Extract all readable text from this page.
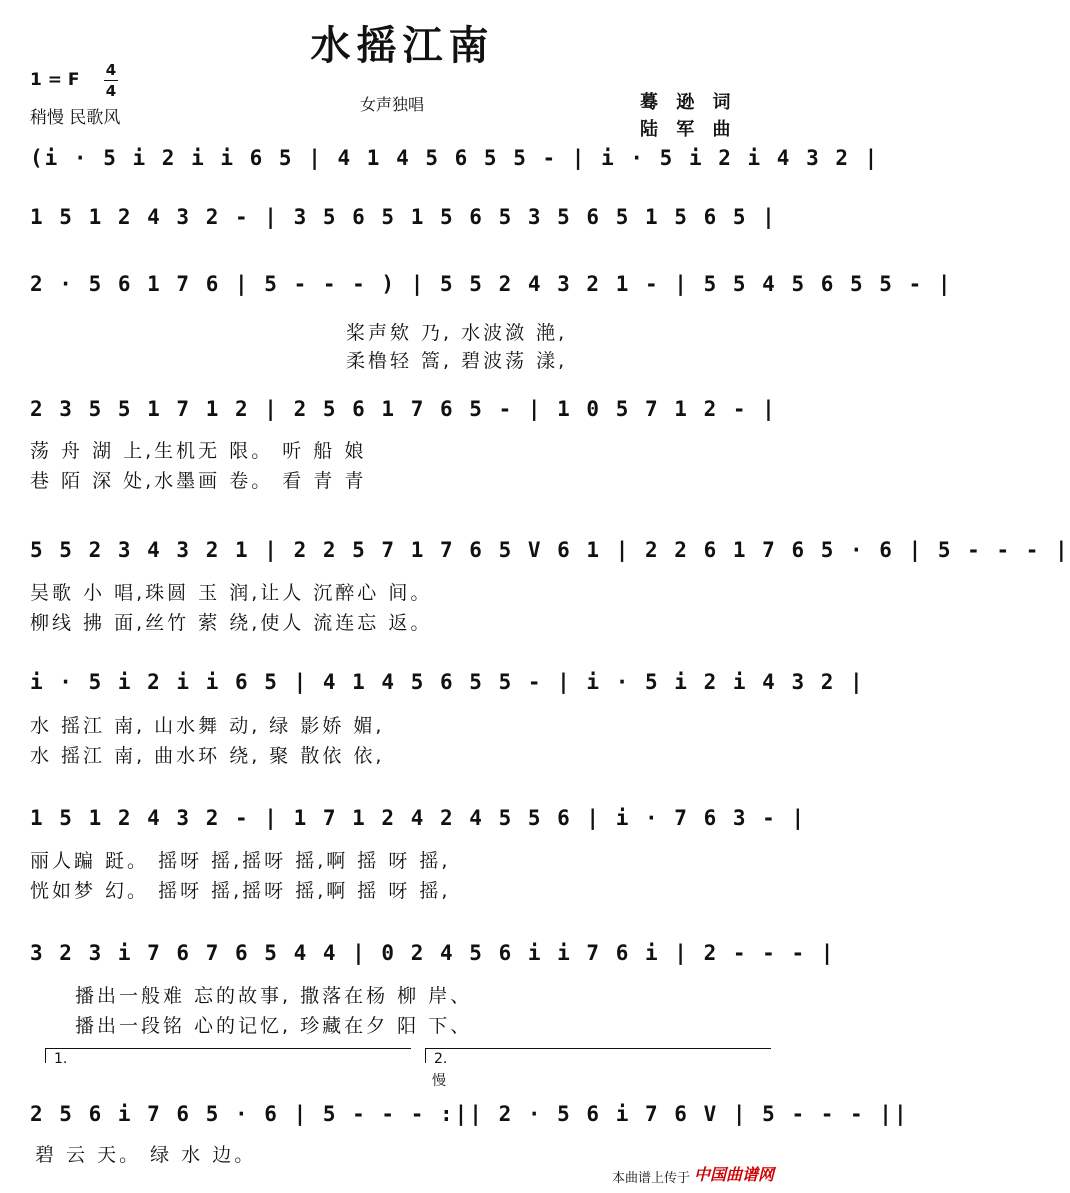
水摇江南
1 = F 4
4
稍慢 民歌风
女声独唱	蓦 逊 词
陆 军 曲
(i · 5 i 2 i i 6 5 | 4 1 4 5 6 5 5 - | i · 5 i 2 i 4 3 2 |
1 5 1 2 4 3 2 - | 3 5 6 5 1 5 6 5 3 5 6 5 1 5 6 5 |
2 · 5 6 1 7 6 | 5 - - - ) | 5 5 2 4 3 2 1 - | 5 5 4 5 6 5 5 - |
桨声欸 乃, 水波潋 滟,
柔橹轻 篙, 碧波荡 漾,
2 3 5 5 1 7 1 2 | 2 5 6 1 7 6 5 - | 1 0 5 7 1 2 - |
荡 舟 湖 上,生机无 限。 听 船 娘
巷 陌 深 处,水墨画 卷。 看 青 青
5 5 2 3 4 3 2 1 | 2 2 5 7 1 7 6 5 V 6 1 | 2 2 6 1 7 6 5 · 6 | 5 - - - |
吴歌 小 唱,珠圆 玉 润,让人 沉醉心 间。
柳线 拂 面,丝竹 萦 绕,使人 流连忘 返。
i · 5 i 2 i i 6 5 | 4 1 4 5 6 5 5 - | i · 5 i 2 i 4 3 2 |
水 摇江 南, 山水舞 动, 绿 影娇 媚,
水 摇江 南, 曲水环 绕, 聚 散依 依,
1 5 1 2 4 3 2 - | 1 7 1 2 4 2 4 5 5 6 | i · 7 6 3 - |
丽人蹁 跹。 摇呀 摇,摇呀 摇,啊 摇 呀 摇,
恍如梦 幻。 摇呀 摇,摇呀 摇,啊 摇 呀 摇,
3 2 3 i 7 6 7 6 5 4 4 | 0 2 4 5 6 i i 7 6 i | 2 - - - |
播出一般难 忘的故事, 撒落在杨 柳 岸、
播出一段铭 心的记忆, 珍藏在夕 阳 下、
1.	2.
慢
2 5 6 i 7 6 5 · 6 | 5 - - - :|| 2 · 5 6 i 7 6 V | 5 - - - ||
碧 云 天。 绿 水 边。
本曲谱上传于 中国曲谱网
